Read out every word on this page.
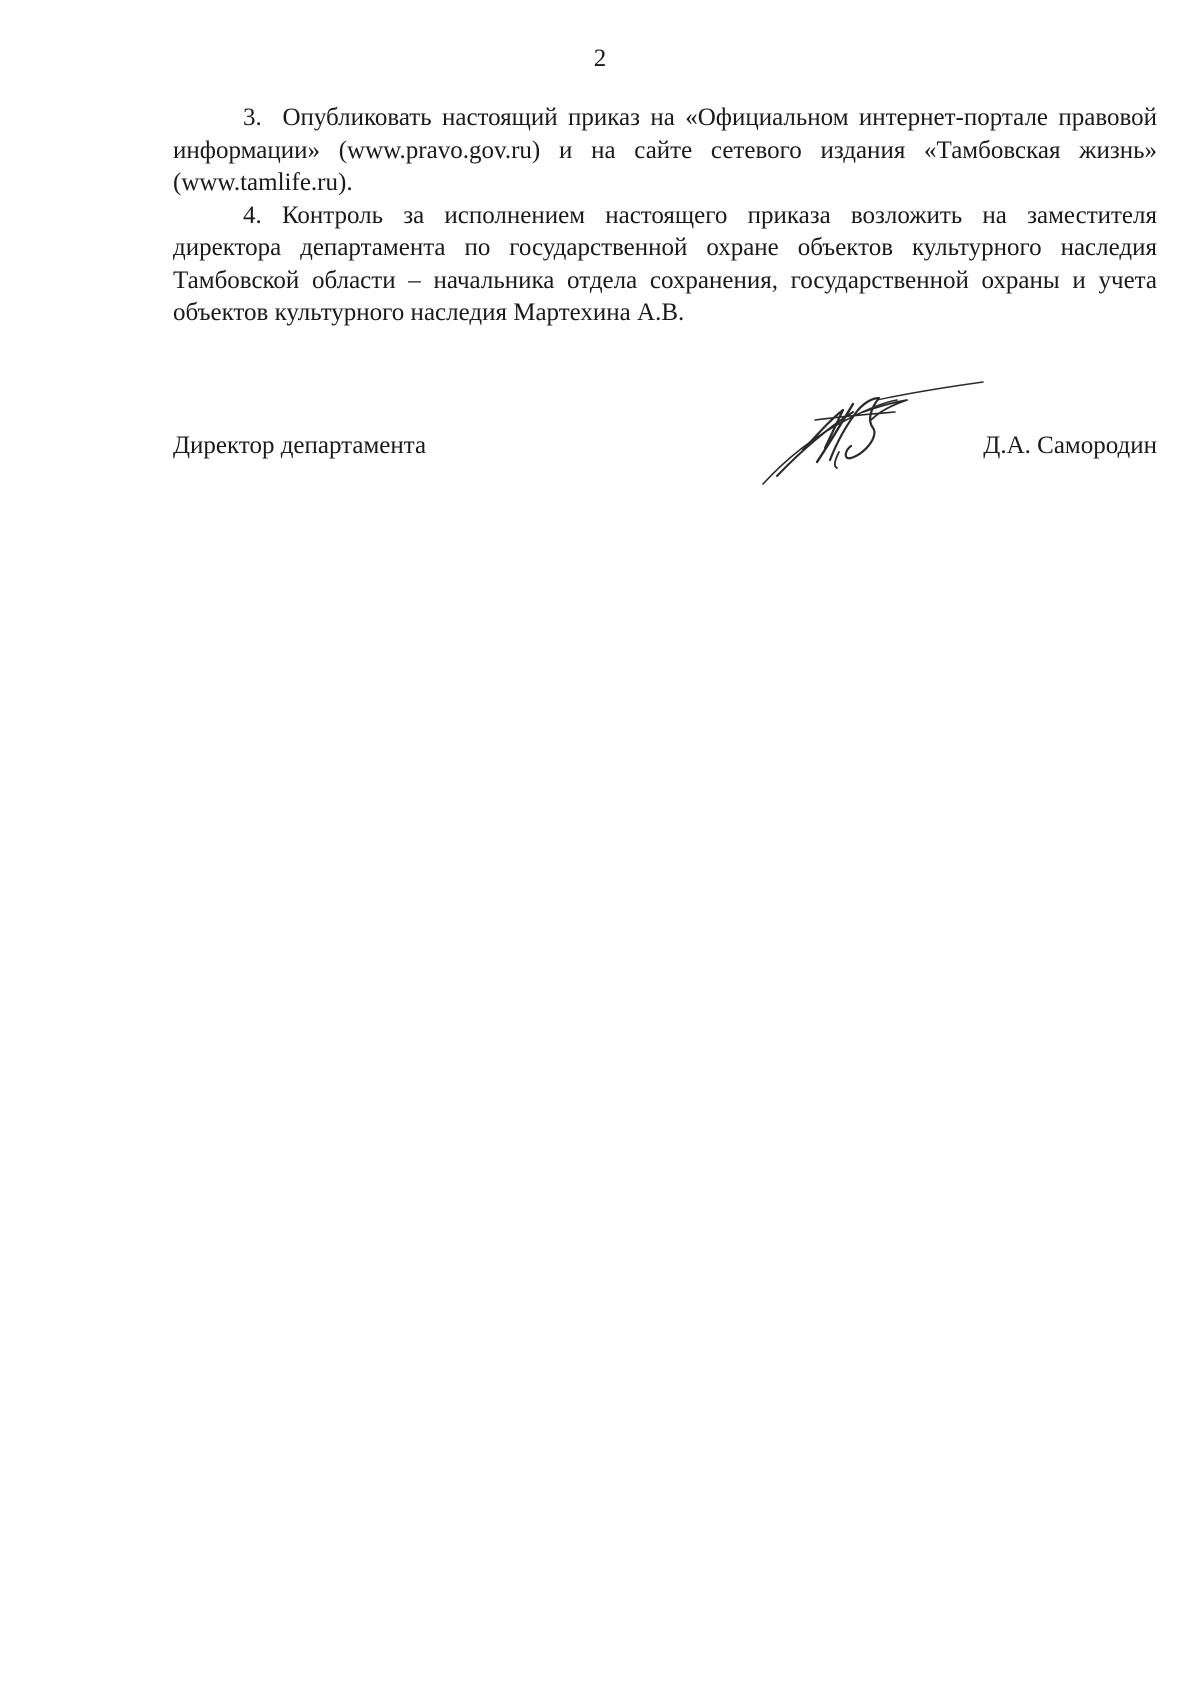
2

3. Опубликовать настоящий приказ на «Официальном интернет-портале правовой информации» (www.pravo.gov.ru) и на сайте сетевого издания «Тамбовская жизнь» (www.tamlife.ru).

4. Контроль за исполнением настоящего приказа возложить на заместителя директора департамента по государственной охране объектов культурного наследия Тамбовской области – начальника отдела сохранения, государственной охраны и учета объектов культурного наследия Мартехина А.В.

Директор департамента	Д.А. Самородин
